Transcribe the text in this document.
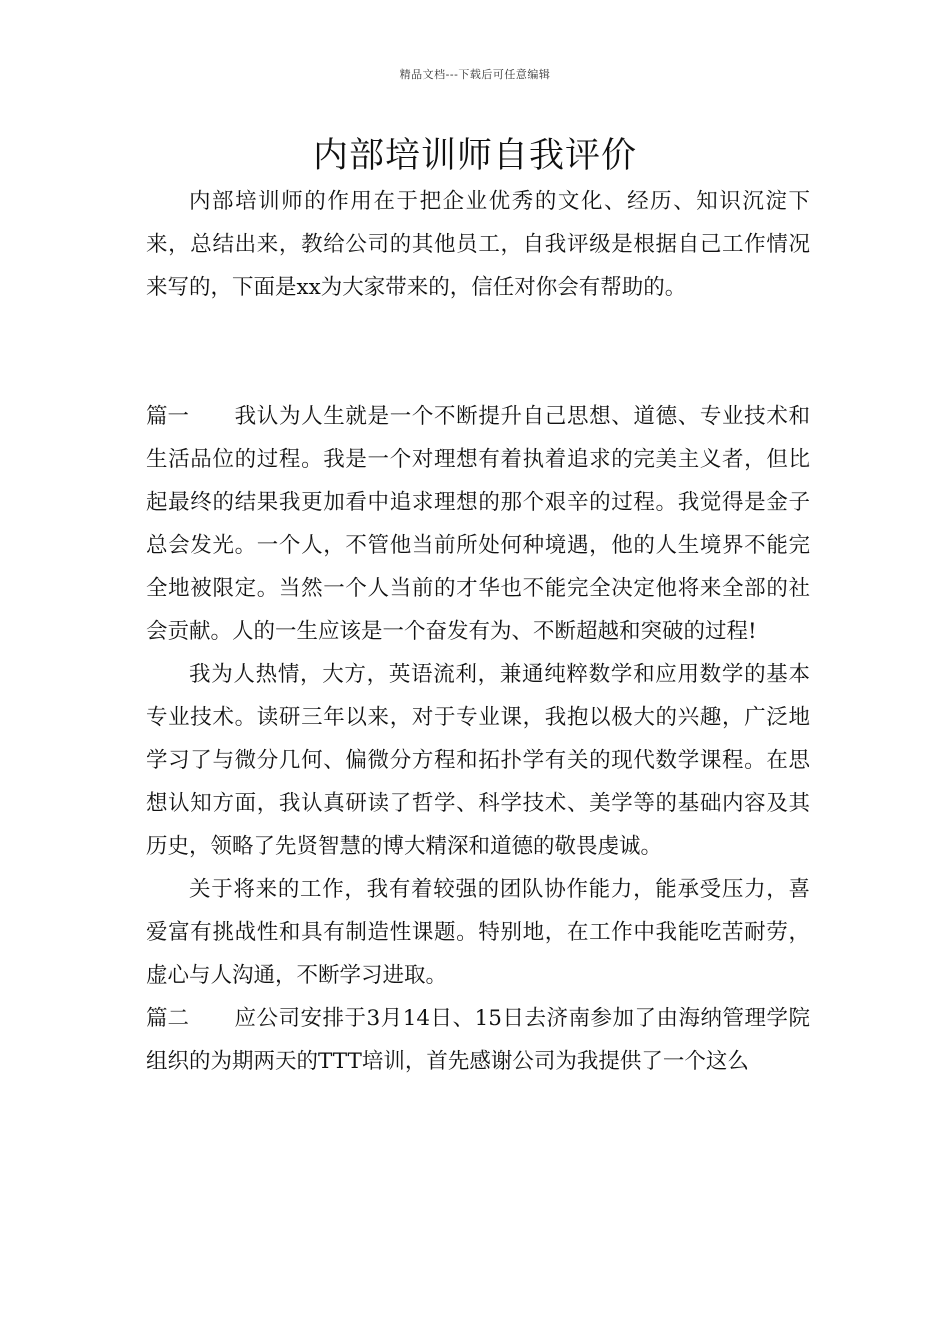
精品文档---下载后可任意编辑
内部培训师自我评价

内部培训师的作用在于把企业优秀的文化、经历、知识沉淀下来，总结出来，教给公司的其他员工，自我评级是根据自己工作情况来写的，下面是xx为大家带来的，信任对你会有帮助的。

篇一 我认为人生就是一个不断提升自己思想、道德、专业技术和生活品位的过程。我是一个对理想有着执着追求的完美主义者，但比起最终的结果我更加看中追求理想的那个艰辛的过程。我觉得是金子总会发光。一个人，不管他当前所处何种境遇，他的人生境界不能完全地被限定。当然一个人当前的才华也不能完全决定他将来全部的社会贡献。人的一生应该是一个奋发有为、不断超越和突破的过程!

我为人热情，大方，英语流利，兼通纯粹数学和应用数学的基本专业技术。读研三年以来，对于专业课，我抱以极大的兴趣，广泛地学习了与微分几何、偏微分方程和拓扑学有关的现代数学课程。在思想认知方面，我认真研读了哲学、科学技术、美学等的基础内容及其历史，领略了先贤智慧的博大精深和道德的敬畏虔诚。

关于将来的工作，我有着较强的团队协作能力，能承受压力，喜爱富有挑战性和具有制造性课题。特别地，在工作中我能吃苦耐劳，虚心与人沟通，不断学习进取。

篇二 应公司安排于3月14日、15日去济南参加了由海纳管理学院组织的为期两天的TTT培训，首先感谢公司为我提供了一个这么
